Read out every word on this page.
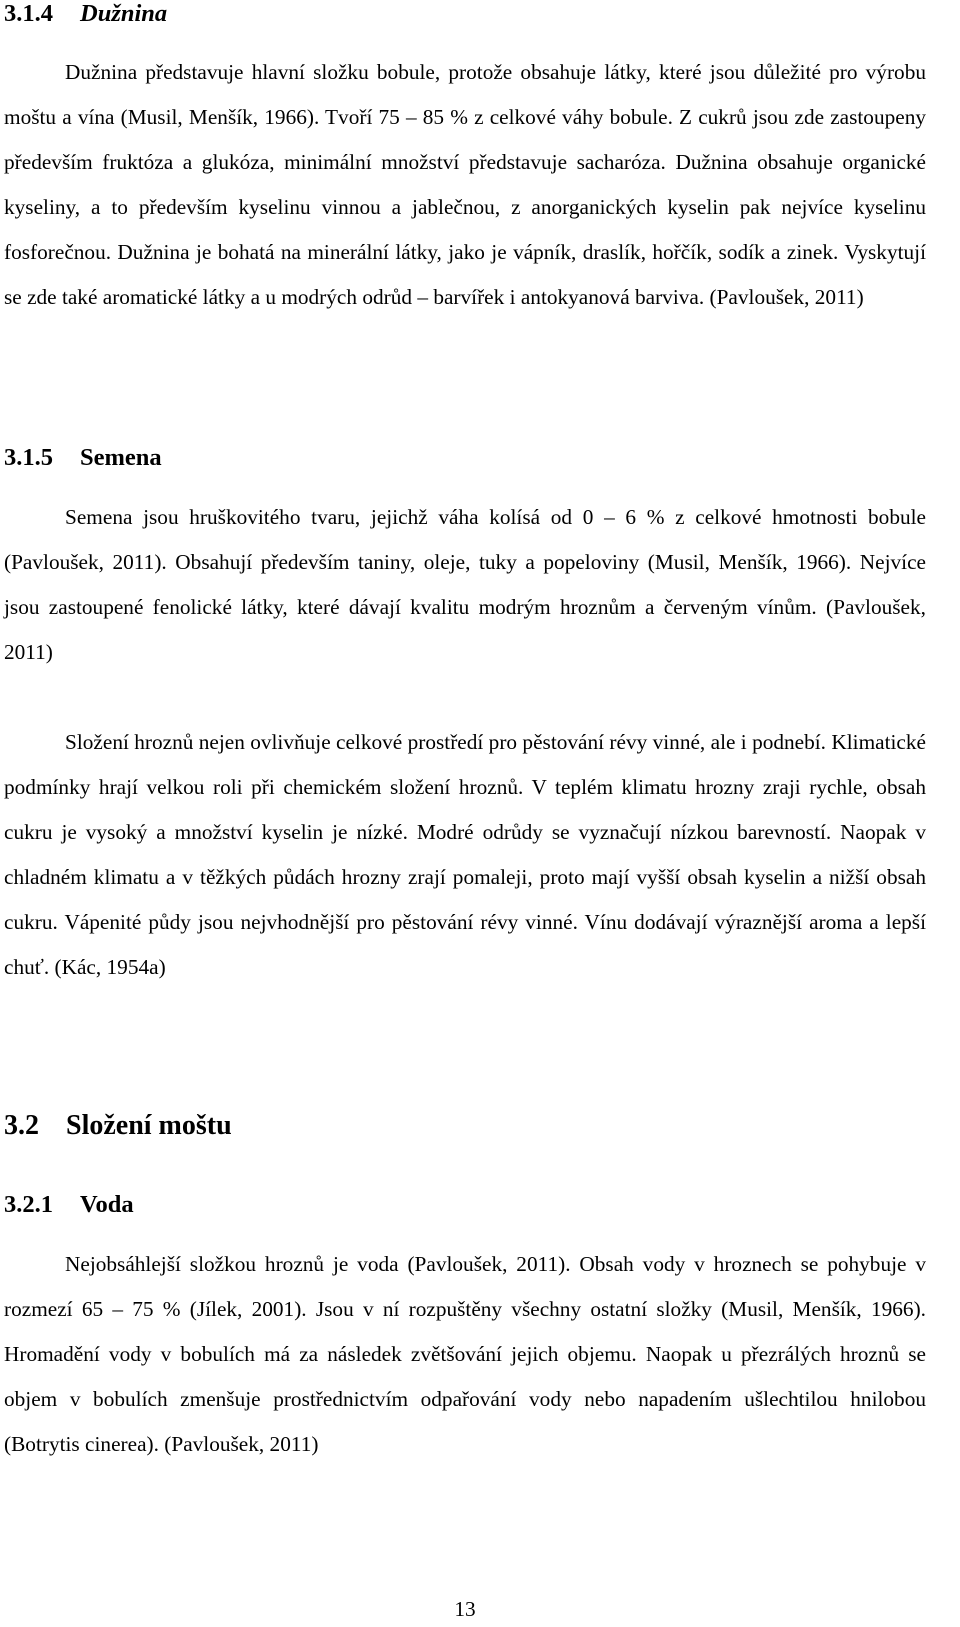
3.1.4 Dužnina

Dužnina představuje hlavní složku bobule, protože obsahuje látky, které jsou důležité pro výrobu moštu a vína (Musil, Menšík, 1966). Tvoří 75 – 85 % z celkové váhy bobule. Z cukrů jsou zde zastoupeny především fruktóza a glukóza, minimální množství představuje sacharóza. Dužnina obsahuje organické kyseliny, a to především kyselinu vinnou a jablečnou, z anorganických kyselin pak nejvíce kyselinu fosforečnou. Dužnina je bohatá na minerální látky, jako je vápník, draslík, hořčík, sodík a zinek. Vyskytují se zde také aromatické látky a u modrých odrůd – barvířek i antokyanová barviva. (Pavloušek, 2011)

3.1.5 Semena

Semena jsou hruškovitého tvaru, jejichž váha kolísá od 0 – 6 % z celkové hmotnosti bobule (Pavloušek, 2011). Obsahují především taniny, oleje, tuky a popeloviny (Musil, Menšík, 1966). Nejvíce jsou zastoupené fenolické látky, které dávají kvalitu modrým hroznům a červeným vínům. (Pavloušek, 2011)

Složení hroznů nejen ovlivňuje celkové prostředí pro pěstování révy vinné, ale i podnebí. Klimatické podmínky hrají velkou roli při chemickém složení hroznů. V teplém klimatu hrozny zraji rychle, obsah cukru je vysoký a množství kyselin je nízké. Modré odrůdy se vyznačují nízkou barevností. Naopak v chladném klimatu a v těžkých půdách hrozny zrají pomaleji, proto mají vyšší obsah kyselin a nižší obsah cukru. Vápenité půdy jsou nejvhodnější pro pěstování révy vinné. Vínu dodávají výraznější aroma a lepší chuť. (Kác, 1954a)

3.2 Složení moštu
3.2.1 Voda

Nejobsáhlejší složkou hroznů je voda (Pavloušek, 2011). Obsah vody v hroznech se pohybuje v rozmezí 65 – 75 % (Jílek, 2001). Jsou v ní rozpuštěny všechny ostatní složky (Musil, Menšík, 1966). Hromadění vody v bobulích má za následek zvětšování jejich objemu. Naopak u přezrálých hroznů se objem v bobulích zmenšuje prostřednictvím odpařování vody nebo napadením ušlechtilou hnilobou (Botrytis cinerea). (Pavloušek, 2011)

13
